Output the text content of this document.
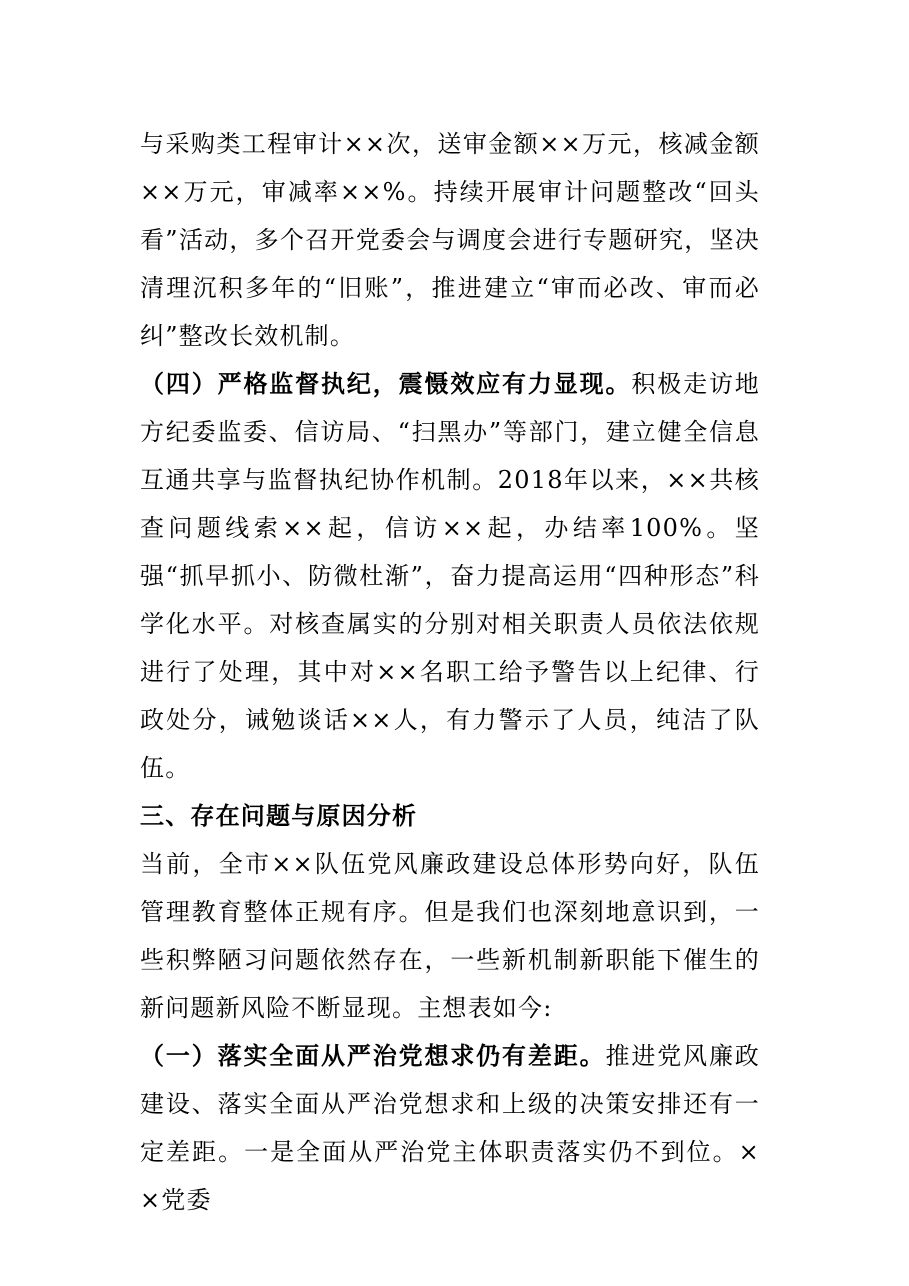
与采购类工程审计××次，送审金额××万元，核减金额××万元，审减率××%。持续开展审计问题整改“回头看”活动，多个召开党委会与调度会进行专题研究，坚决清理沉积多年的“旧账”，推进建立“审而必改、审而必纠”整改长效机制。

（四）严格监督执纪，震慑效应有力显现。积极走访地方纪委监委、信访局、“扫黑办”等部门，建立健全信息互通共享与监督执纪协作机制。2018年以来，××共核查问题线索××起，信访××起，办结率100%。坚强“抓早抓小、防微杜渐”，奋力提高运用“四种形态”科学化水平。对核查属实的分别对相关职责人员依法依规进行了处理，其中对××名职工给予警告以上纪律、行政处分，诫勉谈话××人，有力警示了人员，纯洁了队伍。

三、存在问题与原因分析

当前，全市××队伍党风廉政建设总体形势向好，队伍管理教育整体正规有序。但是我们也深刻地意识到，一些积弊陋习问题依然存在，一些新机制新职能下催生的新问题新风险不断显现。主想表如今:

（一）落实全面从严治党想求仍有差距。推进党风廉政建设、落实全面从严治党想求和上级的决策安排还有一定差距。一是全面从严治党主体职责落实仍不到位。××党委
